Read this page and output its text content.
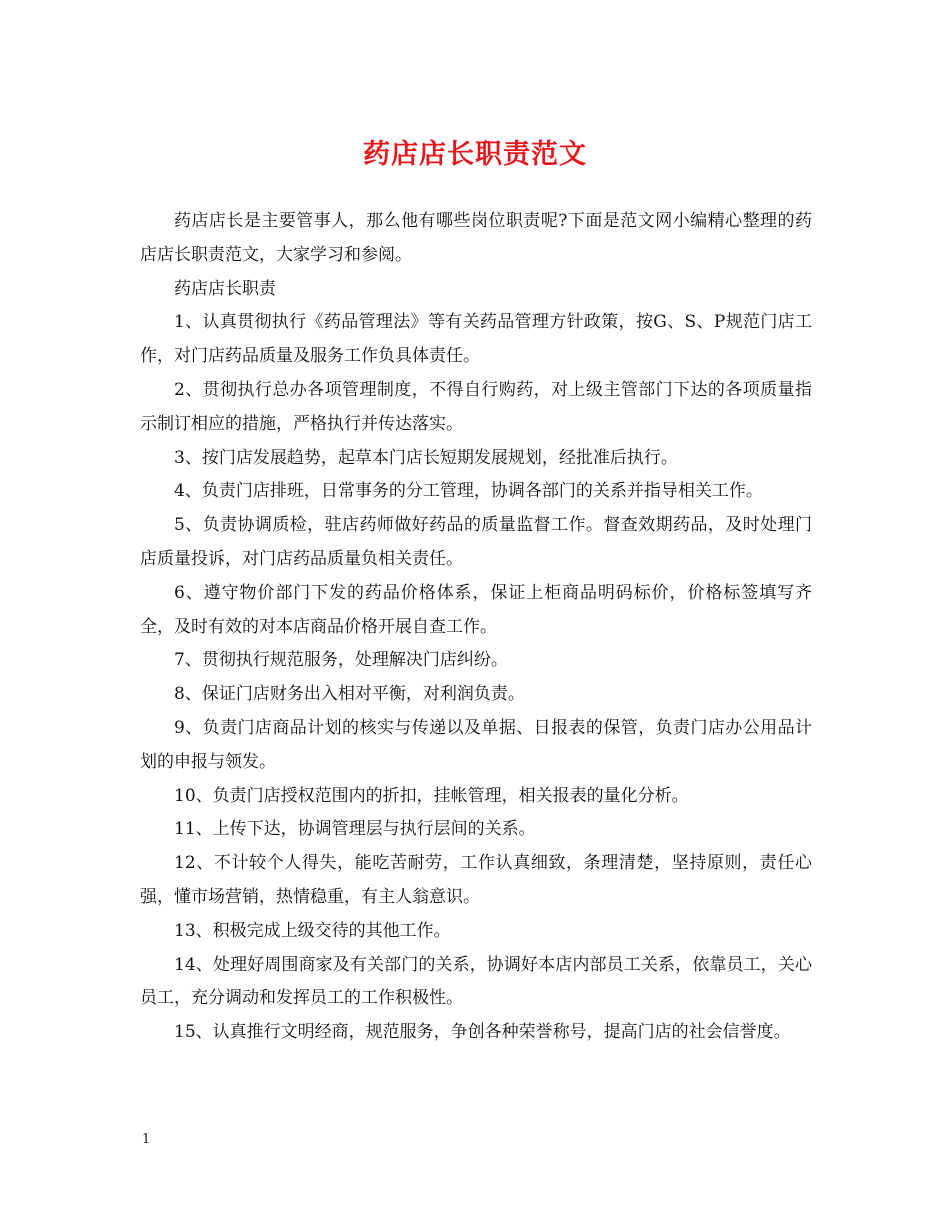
药店店长职责范文

药店店长是主要管事人，那么他有哪些岗位职责呢?下面是范文网小编精心整理的药店店长职责范文，大家学习和参阅。

药店店长职责

1、认真贯彻执行《药品管理法》等有关药品管理方针政策，按G、S、P规范门店工作，对门店药品质量及服务工作负具体责任。

2、贯彻执行总办各项管理制度，不得自行购药，对上级主管部门下达的各项质量指示制订相应的措施，严格执行并传达落实。

3、按门店发展趋势，起草本门店长短期发展规划，经批准后执行。

4、负责门店排班，日常事务的分工管理，协调各部门的关系并指导相关工作。

5、负责协调质检，驻店药师做好药品的质量监督工作。督查效期药品，及时处理门店质量投诉，对门店药品质量负相关责任。

6、遵守物价部门下发的药品价格体系，保证上柜商品明码标价，价格标签填写齐全，及时有效的对本店商品价格开展自查工作。

7、贯彻执行规范服务，处理解决门店纠纷。

8、保证门店财务出入相对平衡，对利润负责。

9、负责门店商品计划的核实与传递以及单据、日报表的保管，负责门店办公用品计划的申报与领发。

10、负责门店授权范围内的折扣，挂帐管理，相关报表的量化分析。

11、上传下达，协调管理层与执行层间的关系。

12、不计较个人得失，能吃苦耐劳，工作认真细致，条理清楚，坚持原则，责任心强，懂市场营销，热情稳重，有主人翁意识。

13、积极完成上级交待的其他工作。

14、处理好周围商家及有关部门的关系，协调好本店内部员工关系，依靠员工，关心员工，充分调动和发挥员工的工作积极性。

15、认真推行文明经商，规范服务，争创各种荣誉称号，提高门店的社会信誉度。

1
